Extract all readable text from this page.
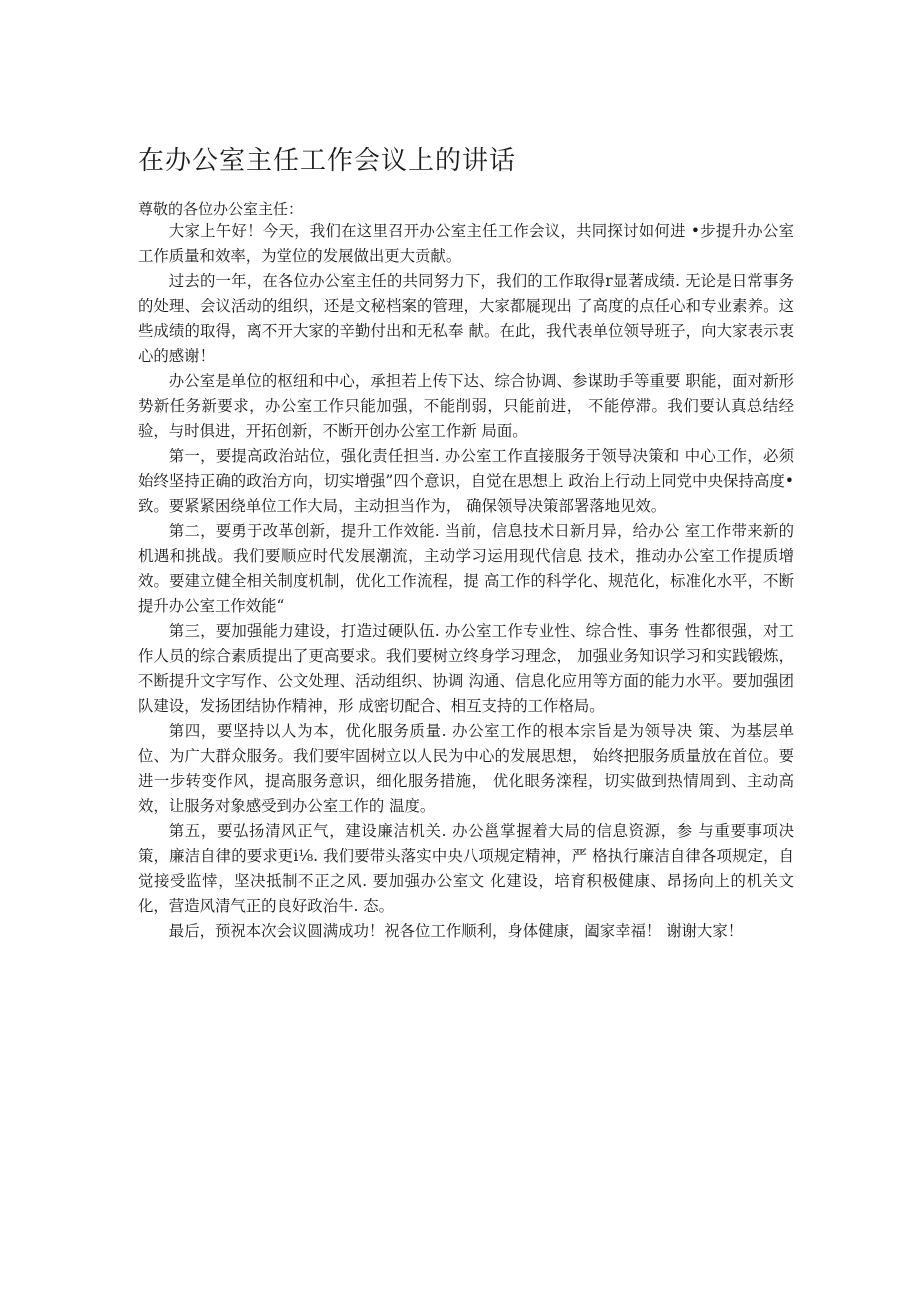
在办公室主任工作会议上的讲话

尊敬的各位办公室主任：

大家上午好！今天，我们在这里召开办公室主任工作会议，共同探讨如何进 •步提升办公室工作质量和效率，为堂位的发展做出更大贡献。

过去的一年，在各位办公室主任的共同努力下，我们的工作取得r显著成绩. 无论是日常事务的处理、会议活动的组织，还是文秘档案的管理，大家都屣现出 了高度的点任心和专业素养。这些成绩的取得，离不开大家的辛勤付出和无私奉 献。在此，我代表单位领导班子，向大家表示衷心的感谢！

办公室是单位的枢纽和中心，承担若上传下达、综合协调、参谋助手等重要 职能，面对新形势新任务新要求，办公室工作只能加强，不能削弱，只能前进， 不能停滞。我们要认真总结经验，与时俱进，开拓创新，不断开创办公室工作新 局面。

第一，要提高政治站位，强化责任担当. 办公室工作直接服务于领导决策和 中心工作，必须始终坚持正确的政治方向，切实增强”四个意识，自觉在思想上 政治上行动上同党中央保持高度•致。要紧紧困绕单位工作大局，主动担当作为， 确保领导决策部署落地见效。

第二，要勇于改革创新，提升工作效能. 当前，信息技术日新月异，给办公 室工作带来新的机遇和挑战。我们要顺应时代发展潮流，主动学习运用现代信息 技术，推动办公室工作提质增效。要建立健全相关制度机制，优化工作流程，提 高工作的科学化、规范化，标准化水平，不断提升办公室工作效能“

第三，要加强能力建设，打造过硬队伍. 办公室工作专业性、综合性、事务 性都很强，对工作人员的综合素质提出了更高要求。我们要树立终身学习理念， 加强业务知识学习和实践锻炼，不断提升文字写作、公文处理、活动组织、协调 沟通、信息化应用等方面的能力水平。要加强团队建设，发扬团结协作精神，形 成密切配合、相互支持的工作格局。

第四，要坚持以人为本，优化服务质量. 办公室工作的根本宗旨是为领导决 策、为基层单位、为广大群众服务。我们要牢固树立以人民为中心的发展思想， 始终把服务质量放在首位。要进一步转变作风，提高服务意识，细化服务措施， 优化眼务滦程，切实做到热情周到、主动高效，让服务对象感受到办公室工作的 温度。

第五，要弘扬清风正气，建设廉洁机关. 办公邕掌握着大局的信息资源，参 与重要事项决策，廉洁自律的要求更i⅛. 我们要带头落实中央八项规定精神，严 格执行廉洁自律各项规定，自觉接受监悻，坚决抵制不正之风. 要加强办公室文 化建设，培育积极健康、昂扬向上的机关文化，营造风清气正的良好政治牛. 态。

最后，预祝本次会议圆满成功！祝各位工作顺利，身体健康，阖家幸福！ 谢谢大家！
